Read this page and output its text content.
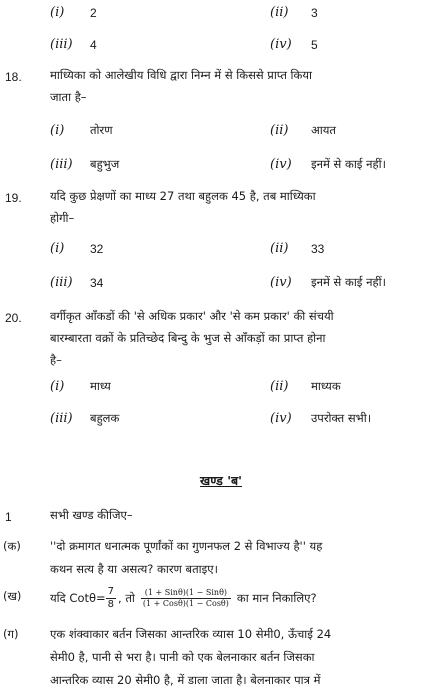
(i) 2	(ii) 3
(iii) 4	(iv) 5
18. माध्यिका को आलेखीय विधि द्वारा निम्न में से किससे प्राप्त किया
जाता है–
(i) तोरण	(ii) आयत
(iii) बहुभुज	(iv) इनमें से काई नहीं।
19. यदि कुछ प्रेक्षणों का माध्य 27 तथा बहुलक 45 है, तब माध्यिका
होगी–
(i) 32	(ii) 33
(iii) 34	(iv) इनमें से काई नहीं।
20. वर्गीकृत आँकडों की 'से अधिक प्रकार' और 'से कम प्रकार' की संचयी
बारम्बारता वक्रों के प्रतिच्छेद बिन्दु के भुज से आँकड़ों का प्राप्त होना
है–
(i) माध्य	(ii) माध्यक
(iii) बहुलक	(iv) उपरोक्त सभी।
खण्ड 'ब'
1	सभी खण्ड कीजिए–
(क)	''दो क्रमागत धनात्मक पूर्णांकों का गुणनफल 2 से विभाज्य है'' यह
कथन सत्य है या असत्य? कारण बताइए।
(ख) यदि $Cot\theta= \frac{7}{8}$ , तो $\frac{\text{(1 + Sinθ)(1 − Sinθ)}}{\text{(1 + Cosθ)(1 − Cosθ)}}$ का मान निकालिए?
(ग)	एक शंक्वाकार बर्तन जिसका आन्तरिक व्यास 10 सेमी0, ऊँचाई 24
सेमी0 है, पानी से भरा है। पानी को एक बेलनाकार बर्तन जिसका
आन्तरिक व्यास 20 सेमी0 है, में डाला जाता है। बेलनाकार पात्र में
